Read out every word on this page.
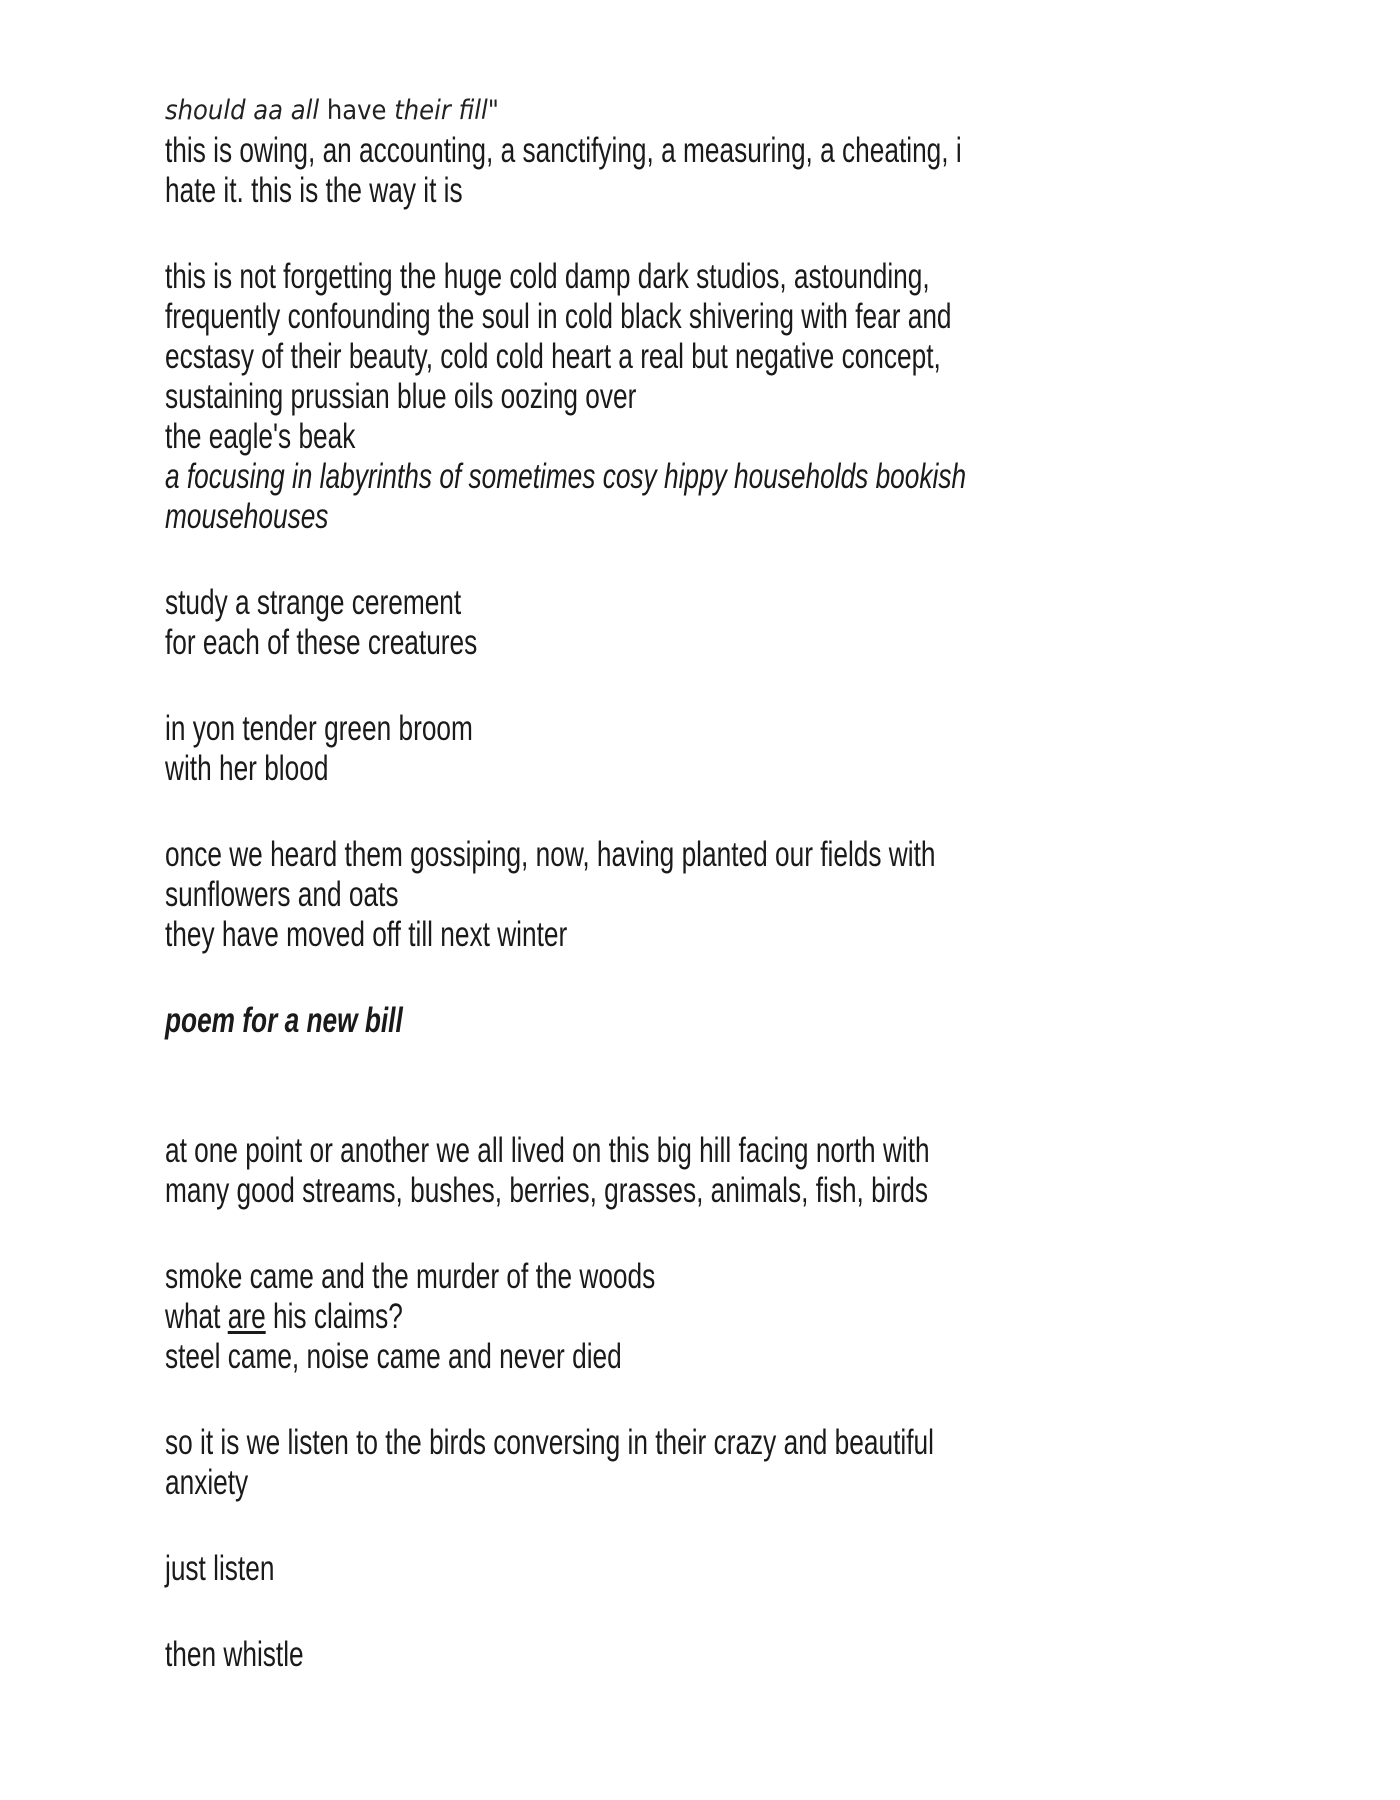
should aa all have their fill"
this is owing, an accounting, a sanctifying, a measuring, a cheating, i
hate it. this is the way it is
this is not forgetting the huge cold damp dark studios, astounding,
frequently confounding the soul in cold black shivering with fear and
ecstasy of their beauty, cold cold heart a real but negative concept,
sustaining prussian blue oils oozing over
the eagle's beak
a focusing in labyrinths of sometimes cosy hippy households bookish
mousehouses
study a strange cerement
for each of these creatures
in yon tender green broom
with her blood
once we heard them gossiping, now, having planted our fields with
sunflowers and oats
they have moved off till next winter
poem for a new bill
at one point or another we all lived on this big hill facing north with
many good streams, bushes, berries, grasses, animals, fish, birds
smoke came and the murder of the woods
what are his claims?
steel came, noise came and never died
so it is we listen to the birds conversing in their crazy and beautiful
anxiety
just listen
then whistle
